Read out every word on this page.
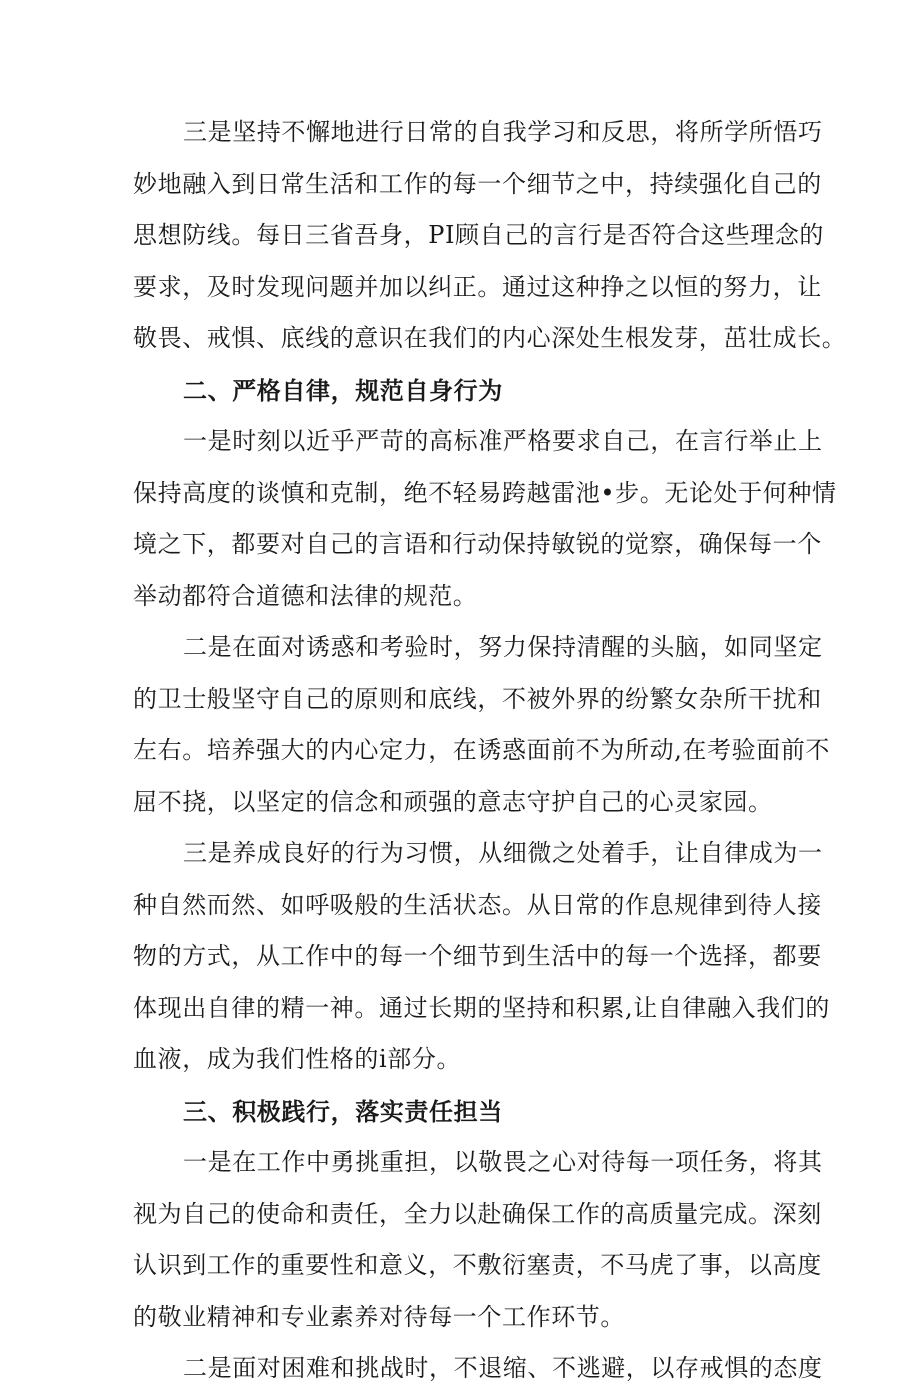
三是坚持不懈地进行日常的自我学习和反思，将所学所悟巧
妙地融入到日常生活和工作的每一个细节之中，持续强化自己的
思想防线。每日三省吾身，PI顾自己的言行是否符合这些理念的
要求，及时发现问题并加以纠正。通过这种挣之以恒的努力，让
敬畏、戒惧、底线的意识在我们的内心深处生根发芽，茁壮成长。
二、严格自律，规范自身行为
一是时刻以近乎严苛的高标准严格要求自己，在言行举止上
保持高度的谈慎和克制，绝不轻易跨越雷池•步。无论处于何种情
境之下，都要对自己的言语和行动保持敏锐的觉察，确保每一个
举动都符合道德和法律的规范。
二是在面对诱惑和考验时，努力保持清醒的头脑，如同坚定
的卫士般坚守自己的原则和底线，不被外界的纷繁女杂所干扰和
左右。培养强大的内心定力，在诱惑面前不为所动,在考验面前不
屈不挠，以坚定的信念和顽强的意志守护自己的心灵家园。
三是养成良好的行为习惯，从细微之处着手，让自律成为一
种自然而然、如呼吸般的生活状态。从日常的作息规律到待人接
物的方式，从工作中的每一个细节到生活中的每一个选择，都要
体现出自律的精一神。通过长期的坚持和积累,让自律融入我们的
血液，成为我们性格的i部分。
三、积极践行，落实责任担当
一是在工作中勇挑重担，以敬畏之心对待每一项任务，将其
视为自己的使命和责任，全力以赴确保工作的高质量完成。深刻
认识到工作的重要性和意义，不敷衍塞责，不马虎了事，以高度
的敬业精神和专业素养对待每一个工作环节。
二是面对困难和挑战时，不退缩、不逃避，以存戒惧的态度
